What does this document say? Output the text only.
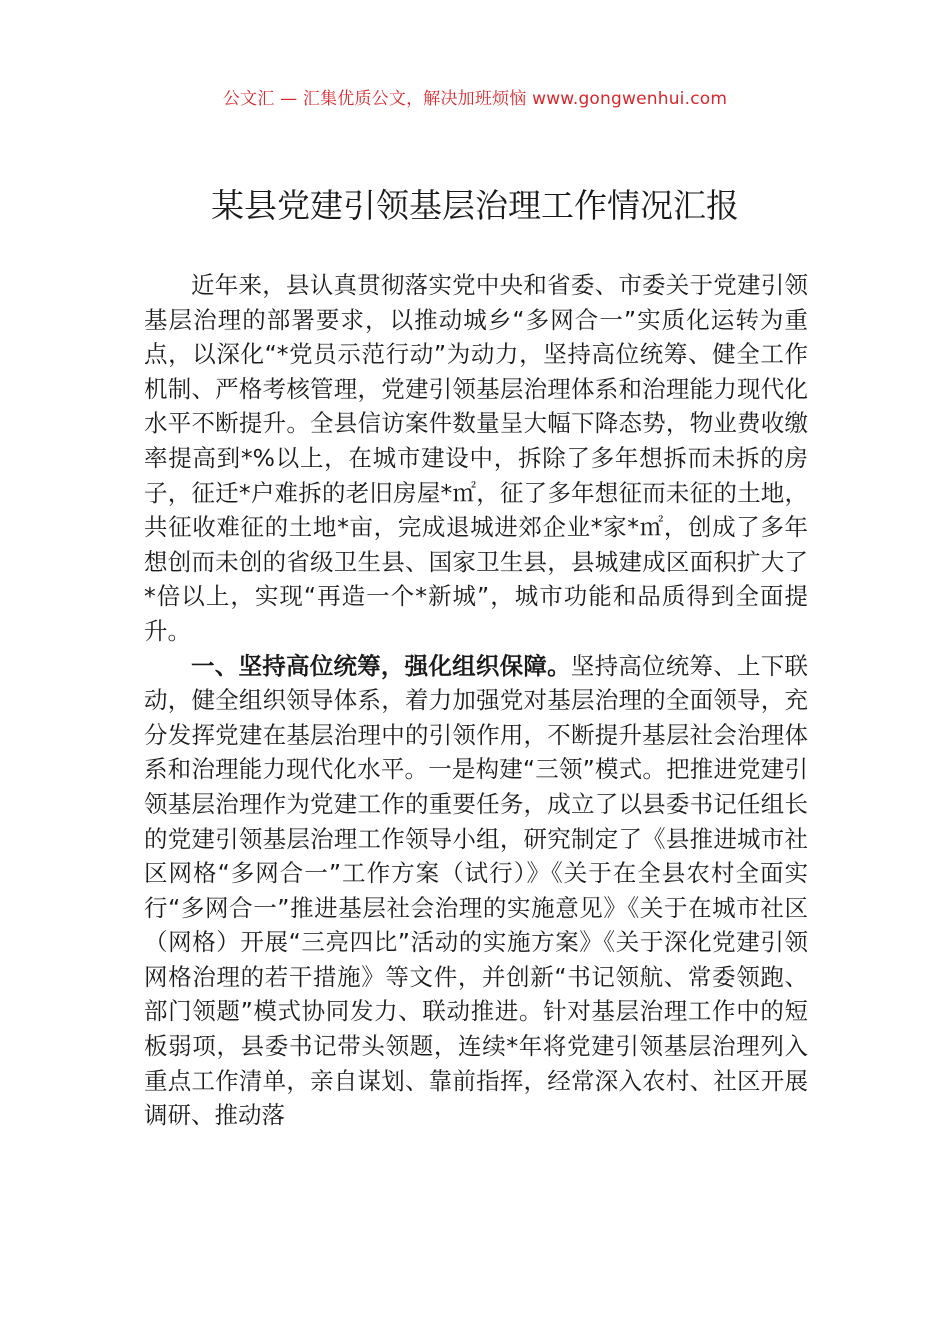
公文汇 — 汇集优质公文，解决加班烦恼 www.gongwenhui.com
某县党建引领基层治理工作情况汇报

近年来，县认真贯彻落实党中央和省委、市委关于党建引领基层治理的部署要求，以推动城乡“多网合一”实质化运转为重点，以深化“*党员示范行动”为动力，坚持高位统筹、健全工作机制、严格考核管理，党建引领基层治理体系和治理能力现代化水平不断提升。全县信访案件数量呈大幅下降态势，物业费收缴率提高到*%以上，在城市建设中，拆除了多年想拆而未拆的房子，征迁*户难拆的老旧房屋*㎡，征了多年想征而未征的土地，共征收难征的土地*亩，完成退城进郊企业*家*㎡，创成了多年想创而未创的省级卫生县、国家卫生县，县城建成区面积扩大了*倍以上，实现“再造一个*新城”，城市功能和品质得到全面提升。

一、坚持高位统筹，强化组织保障。坚持高位统筹、上下联动，健全组织领导体系，着力加强党对基层治理的全面领导，充分发挥党建在基层治理中的引领作用，不断提升基层社会治理体系和治理能力现代化水平。一是构建“三领”模式。把推进党建引领基层治理作为党建工作的重要任务，成立了以县委书记任组长的党建引领基层治理工作领导小组，研究制定了《县推进城市社区网格“多网合一”工作方案（试行）》《关于在全县农村全面实行“多网合一”推进基层社会治理的实施意见》《关于在城市社区（网格）开展“三亮四比”活动的实施方案》《关于深化党建引领网格治理的若干措施》等文件，并创新“书记领航、常委领跑、部门领题”模式协同发力、联动推进。针对基层治理工作中的短板弱项，县委书记带头领题，连续*年将党建引领基层治理列入重点工作清单，亲自谋划、靠前指挥，经常深入农村、社区开展调研、推动落
